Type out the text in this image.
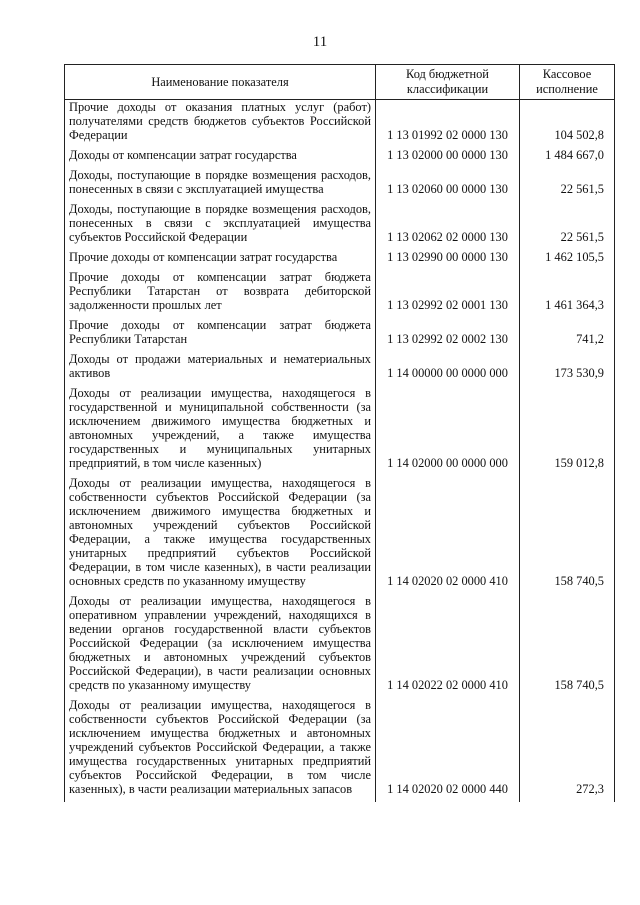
11
Наименование показателя	Код бюджетной классификации	Кассовое исполнение
Прочие доходы от оказания платных услуг (работ) получателями средств бюджетов субъектов Российской Федерации	1 13 01992 02 0000 130	104 502,8
Доходы от компенсации затрат государства	1 13 02000 00 0000 130	1 484 667,0
Доходы, поступающие в порядке возмещения расходов, понесенных в связи с эксплуатацией имущества	1 13 02060 00 0000 130	22 561,5
Доходы, поступающие в порядке возмещения расходов, понесенных в связи с эксплуатацией имущества субъектов Российской Федерации	1 13 02062 02 0000 130	22 561,5
Прочие доходы от компенсации затрат государства	1 13 02990 00 0000 130	1 462 105,5
Прочие доходы от компенсации затрат бюджета Республики Татарстан от возврата дебиторской задолженности прошлых лет	1 13 02992 02 0001 130	1 461 364,3
Прочие доходы от компенсации затрат бюджета Республики Татарстан	1 13 02992 02 0002 130	741,2
Доходы от продажи материальных и нематериальных активов	1 14 00000 00 0000 000	173 530,9
Доходы от реализации имущества, находящегося в государственной и муниципальной собственности (за исключением движимого имущества бюджетных и автономных учреждений, а также имущества государственных и муниципальных унитарных предприятий, в том числе казенных)	1 14 02000 00 0000 000	159 012,8
Доходы от реализации имущества, находящегося в собственности субъектов Российской Федерации (за исключением движимого имущества бюджетных и автономных учреждений субъектов Российской Федерации, а также имущества государственных унитарных предприятий субъектов Российской Федерации, в том числе казенных), в части реализации основных средств по указанному имуществу	1 14 02020 02 0000 410	158 740,5
Доходы от реализации имущества, находящегося в оперативном управлении учреждений, находящихся в ведении органов государственной власти субъектов Российской Федерации (за исключением имущества бюджетных и автономных учреждений субъектов Российской Федерации), в части реализации основных средств по указанному имуществу	1 14 02022 02 0000 410	158 740,5
Доходы от реализации имущества, находящегося в собственности субъектов Российской Федерации (за исключением имущества бюджетных и автономных учреждений субъектов Российской Федерации, а также имущества государственных унитарных предприятий субъектов Российской Федерации, в том числе казенных), в части реализации материальных запасов	1 14 02020 02 0000 440	272,3
